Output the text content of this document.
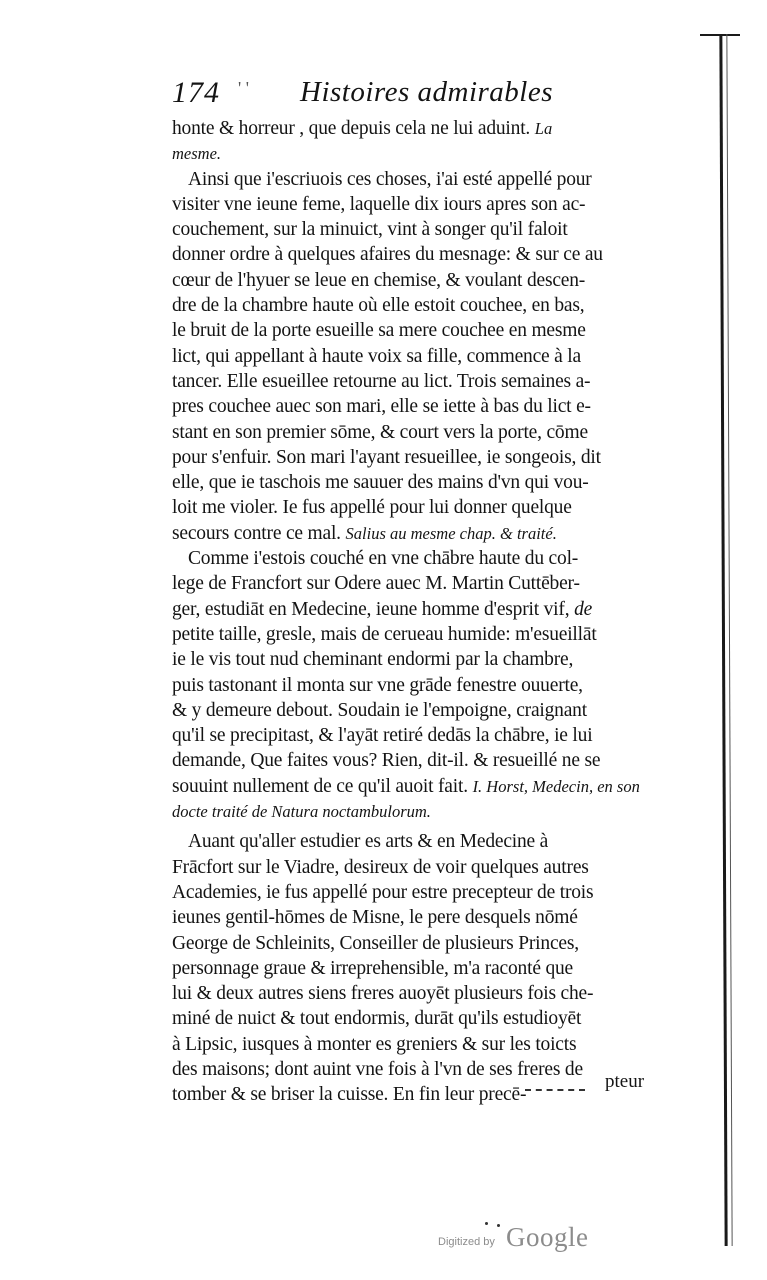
174 ' ' Histoires admirables
honte & horreur , que depuis cela ne lui aduint. La
mesme.
Ainsi que i'escriuois ces choses, i'ai esté appellé pour
visiter vne ieune feme, laquelle dix iours apres son ac-
couchement, sur la minuict, vint à songer qu'il faloit
donner ordre à quelques afaires du mesnage: & sur ce au
cœur de l'hyuer se leue en chemise, & voulant descen-
dre de la chambre haute où elle estoit couchee, en bas,
le bruit de la porte esueille sa mere couchee en mesme
lict, qui appellant à haute voix sa fille, commence à la
tancer. Elle esueillee retourne au lict. Trois semaines a-
pres couchee auec son mari, elle se iette à bas du lict e-
stant en son premier sōme, & court vers la porte, cōme
pour s'enfuir. Son mari l'ayant resueillee, ie songeois, dit
elle, que ie taschois me sauuer des mains d'vn qui vou-
loit me violer. Ie fus appellé pour lui donner quelque
secours contre ce mal. Salius au mesme chap. & traité.
Comme i'estois couché en vne chābre haute du col-
lege de Francfort sur Odere auec M. Martin Cuttēber-
ger, estudiāt en Medecine, ieune homme d'esprit vif, de
petite taille, gresle, mais de cerueau humide: m'esueillāt
ie le vis tout nud cheminant endormi par la chambre,
puis tastonant il monta sur vne grāde fenestre ouuerte,
& y demeure debout. Soudain ie l'empoigne, craignant
qu'il se precipitast, & l'ayāt retiré dedās la chābre, ie lui
demande, Que faites vous? Rien, dit-il. & resueillé ne se
souuint nullement de ce qu'il auoit fait. I. Horst, Medecin, en son docte traité de Natura noctambulorum.
Auant qu'aller estudier es arts & en Medecine à
Frācfort sur le Viadre, desireux de voir quelques autres
Academies, ie fus appellé pour estre precepteur de trois
ieunes gentil-hōmes de Misne, le pere desquels nōmé
George de Schleinits, Conseiller de plusieurs Princes,
personnage graue & irreprehensible, m'a raconté que
lui & deux autres siens freres auoyēt plusieurs fois che-
miné de nuict & tout endormis, durāt qu'ils estudioyēt
à Lipsic, iusques à monter es greniers & sur les toicts
des maisons; dont auint vne fois à l'vn de ses freres de
tomber & se briser la cuisse. En fin leur precē-
pteur
Digitized by Google
